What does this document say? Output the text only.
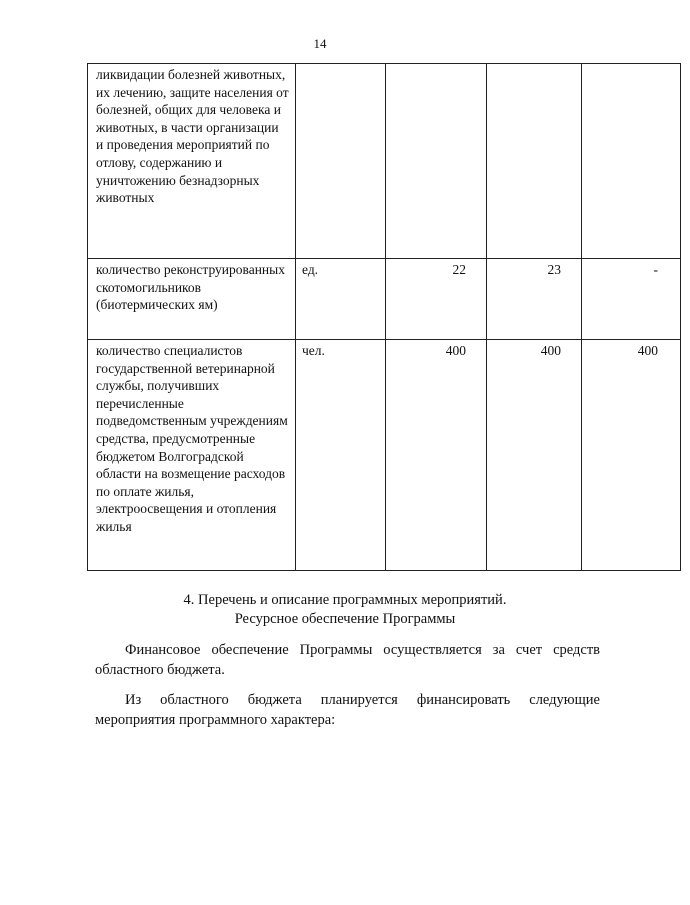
14
ликвидации болезней животных, их лечению, защите населения от болезней, общих для человека и животных, в части организации и проведения мероприятий по отлову, содержанию и уничтожению безнадзорных животных				
количество реконструированных скотомогильников (биотермических ям)	ед.	22	23	-
количество специалистов государственной ветеринарной службы, получивших перечисленные подведомственным учреждениям средства, предусмотренные бюджетом Волгоградской области на возмещение расходов по оплате жилья, электроосвещения и отопления жилья	чел.	400	400	400
4. Перечень и описание программных мероприятий.
Ресурсное обеспечение Программы
Финансовое обеспечение Программы осуществляется за счет средств областного бюджета.
Из областного бюджета планируется финансировать следующие мероприятия программного характера:
